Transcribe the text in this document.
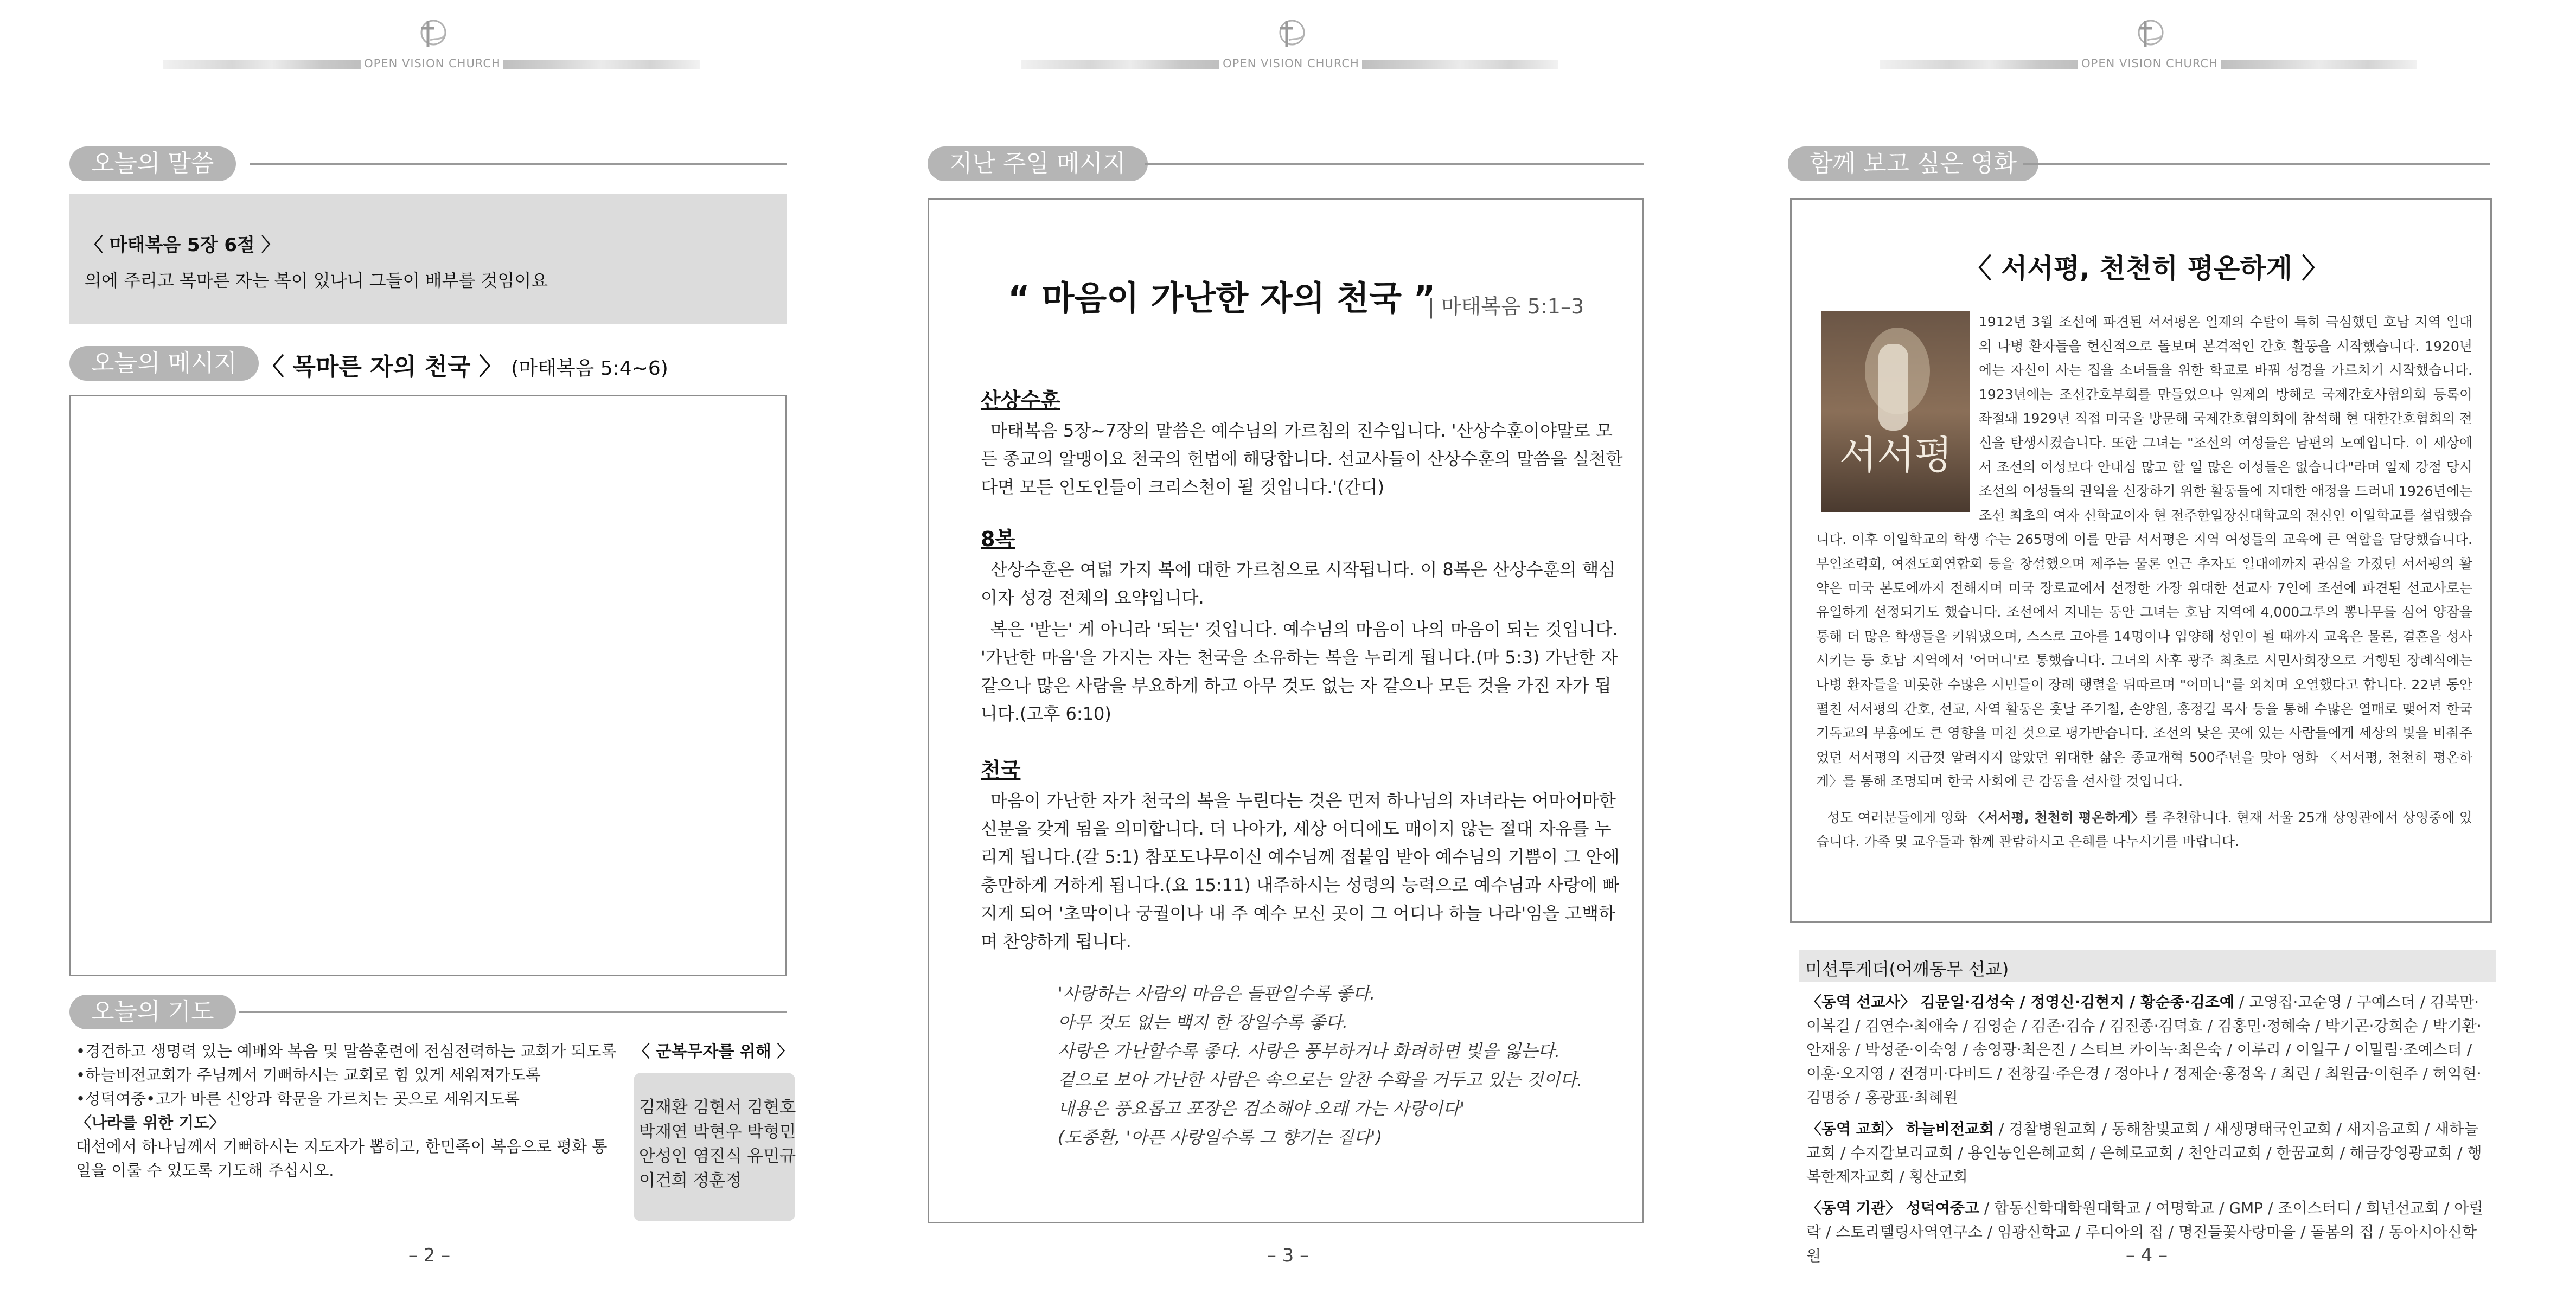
OPEN VISION CHURCH
오늘의 말씀
〈 마태복음 5장 6절 〉
의에 주리고 목마른 자는 복이 있나니 그들이 배부를 것임이요
오늘의 메시지 〈 목마른 자의 천국 〉 (마태복음 5:4~6)
오늘의 기도
•경건하고 생명력 있는 예배와 복음 및 말씀훈련에 전심전력하는 교회가 되도록
•하늘비전교회가 주님께서 기뻐하시는 교회로 힘 있게 세워져가도록
•성덕여중•고가 바른 신앙과 학문을 가르치는 곳으로 세워지도록
〈나라를 위한 기도〉
대선에서 하나님께서 기뻐하시는 지도자가 뽑히고, 한민족이 복음으로 평화 통일을 이룰 수 있도록 기도해 주십시오.
〈 군복무자를 위해 〉
김재환 김현서 김현호
박재연 박현우 박형민
안성인 염진식 유민규
이건희 정훈정
– 2 –
OPEN VISION CHURCH
지난 주일 메시지
“ 마음이 가난한 자의 천국 ”
| 마태복음 5:1–3
산상수훈
마태복음 5장~7장의 말씀은 예수님의 가르침의 진수입니다. '산상수훈이야말로 모든 종교의 알맹이요 천국의 헌법에 해당합니다. 선교사들이 산상수훈의 말씀을 실천한다면 모든 인도인들이 크리스천이 될 것입니다.'(간디)
8복
산상수훈은 여덟 가지 복에 대한 가르침으로 시작됩니다. 이 8복은 산상수훈의 핵심이자 성경 전체의 요약입니다.
복은 '받는' 게 아니라 '되는' 것입니다. 예수님의 마음이 나의 마음이 되는 것입니다. '가난한 마음'을 가지는 자는 천국을 소유하는 복을 누리게 됩니다.(마 5:3) 가난한 자 같으나 많은 사람을 부요하게 하고 아무 것도 없는 자 같으나 모든 것을 가진 자가 됩니다.(고후 6:10)
천국
마음이 가난한 자가 천국의 복을 누린다는 것은 먼저 하나님의 자녀라는 어마어마한 신분을 갖게 됨을 의미합니다. 더 나아가, 세상 어디에도 매이지 않는 절대 자유를 누리게 됩니다.(갈 5:1) 참포도나무이신 예수님께 접붙임 받아 예수님의 기쁨이 그 안에 충만하게 거하게 됩니다.(요 15:11) 내주하시는 성령의 능력으로 예수님과 사랑에 빠지게 되어 '초막이나 궁궐이나 내 주 예수 모신 곳이 그 어디나 하늘 나라'임을 고백하며 찬양하게 됩니다.
'사랑하는 사람의 마음은 들판일수록 좋다.
아무 것도 없는 백지 한 장일수록 좋다.
사랑은 가난할수록 좋다. 사랑은 풍부하거나 화려하면 빛을 잃는다.
겉으로 보아 가난한 사람은 속으로는 알찬 수확을 거두고 있는 것이다.
내용은 풍요롭고 포장은 검소해야 오래 가는 사랑이다'
(도종환, '아픈 사랑일수록 그 향기는 짙다')
– 3 –
OPEN VISION CHURCH
함께 보고 싶은 영화
〈 서서평, 천천히 평온하게 〉
서서평
1912년 3월 조선에 파견된 서서평은 일제의 수탈이 특히 극심했던 호남 지역 일대의 나병 환자들을 헌신적으로 돌보며 본격적인 간호 활동을 시작했습니다. 1920년에는 자신이 사는 집을 소녀들을 위한 학교로 바꿔 성경을 가르치기 시작했습니다. 1923년에는 조선간호부회를 만들었으나 일제의 방해로 국제간호사협의회 등록이 좌절돼 1929년 직접 미국을 방문해 국제간호협의회에 참석해 현 대한간호협회의 전신을 탄생시켰습니다. 또한 그녀는 "조선의 여성들은 남편의 노예입니다. 이 세상에서 조선의 여성보다 안내심 많고 할 일 많은 여성들은 없습니다"라며 일제 강점 당시 조선의 여성들의 권익을 신장하기 위한 활동들에 지대한 애정을 드러내 1926년에는 조선 최초의 여자 신학교이자 현 전주한일장신대학교의 전신인 이일학교를 설립했습니다. 이후 이일학교의 학생 수는 265명에 이를 만큼 서서평은 지역 여성들의 교육에 큰 역할을 담당했습니다. 부인조력회, 여전도회연합회 등을 창설했으며 제주는 물론 인근 추자도 일대에까지 관심을 가졌던 서서평의 활약은 미국 본토에까지 전해지며 미국 장로교에서 선정한 가장 위대한 선교사 7인에 조선에 파견된 선교사로는 유일하게 선정되기도 했습니다. 조선에서 지내는 동안 그녀는 호남 지역에 4,000그루의 뽕나무를 심어 양잠을 통해 더 많은 학생들을 키워냈으며, 스스로 고아를 14명이나 입양해 성인이 될 때까지 교육은 물론, 결혼을 성사시키는 등 호남 지역에서 '어머니'로 통했습니다. 그녀의 사후 광주 최초로 시민사회장으로 거행된 장례식에는 나병 환자들을 비롯한 수많은 시민들이 장례 행렬을 뒤따르며 "어머니"를 외치며 오열했다고 합니다. 22년 동안 펼친 서서평의 간호, 선교, 사역 활동은 훗날 주기철, 손양원, 홍정길 목사 등을 통해 수많은 열매로 맺어져 한국 기독교의 부흥에도 큰 영향을 미친 것으로 평가받습니다. 조선의 낮은 곳에 있는 사람들에게 세상의 빛을 비춰주었던 서서평의 지금껏 알려지지 않았던 위대한 삶은 종교개혁 500주년을 맞아 영화 〈서서평, 천천히 평온하게〉를 통해 조명되며 한국 사회에 큰 감동을 선사할 것입니다.
성도 여러분들에게 영화 〈서서평, 천천히 평온하게〉를 추천합니다. 현재 서울 25개 상영관에서 상영중에 있습니다. 가족 및 교우들과 함께 관람하시고 은혜를 나누시기를 바랍니다.
미션투게더(어깨동무 선교)

〈동역 선교사〉 김문일·김성숙 / 정영신·김현지 / 황순종·김조예 / 고영집·고순영 / 구예스더 / 김북만·이복길 / 김연수·최애숙 / 김영순 / 김존·김슈 / 김진종·김덕효 / 김홍민·정혜숙 / 박기곤·강희순 / 박기환·안재웅 / 박성준·이숙영 / 송영광·최은진 / 스티브 카이녹·최은숙 / 이루리 / 이일구 / 이밀림·조예스더 / 이훈·오지영 / 전경미·다비드 / 전창길·주은경 / 정아나 / 정제순·홍정옥 / 최린 / 최원금·이현주 / 허익현·김명중 / 홍광표·최혜원

〈동역 교회〉 하늘비전교회 / 경찰병원교회 / 동해참빛교회 / 새생명태국인교회 / 새지음교회 / 새하늘교회 / 수지갈보리교회 / 용인농인은혜교회 / 은혜로교회 / 천안리교회 / 한꿈교회 / 해금강영광교회 / 행복한제자교회 / 횡산교회

〈동역 기관〉 성덕여중고 / 합동신학대학원대학교 / 여명학교 / GMP / 조이스터디 / 희년선교회 / 아릴락 / 스토리텔링사역연구소 / 임광신학교 / 루디아의 집 / 명진들꽃사랑마을 / 돌봄의 집 / 동아시아신학원	– 4 –
